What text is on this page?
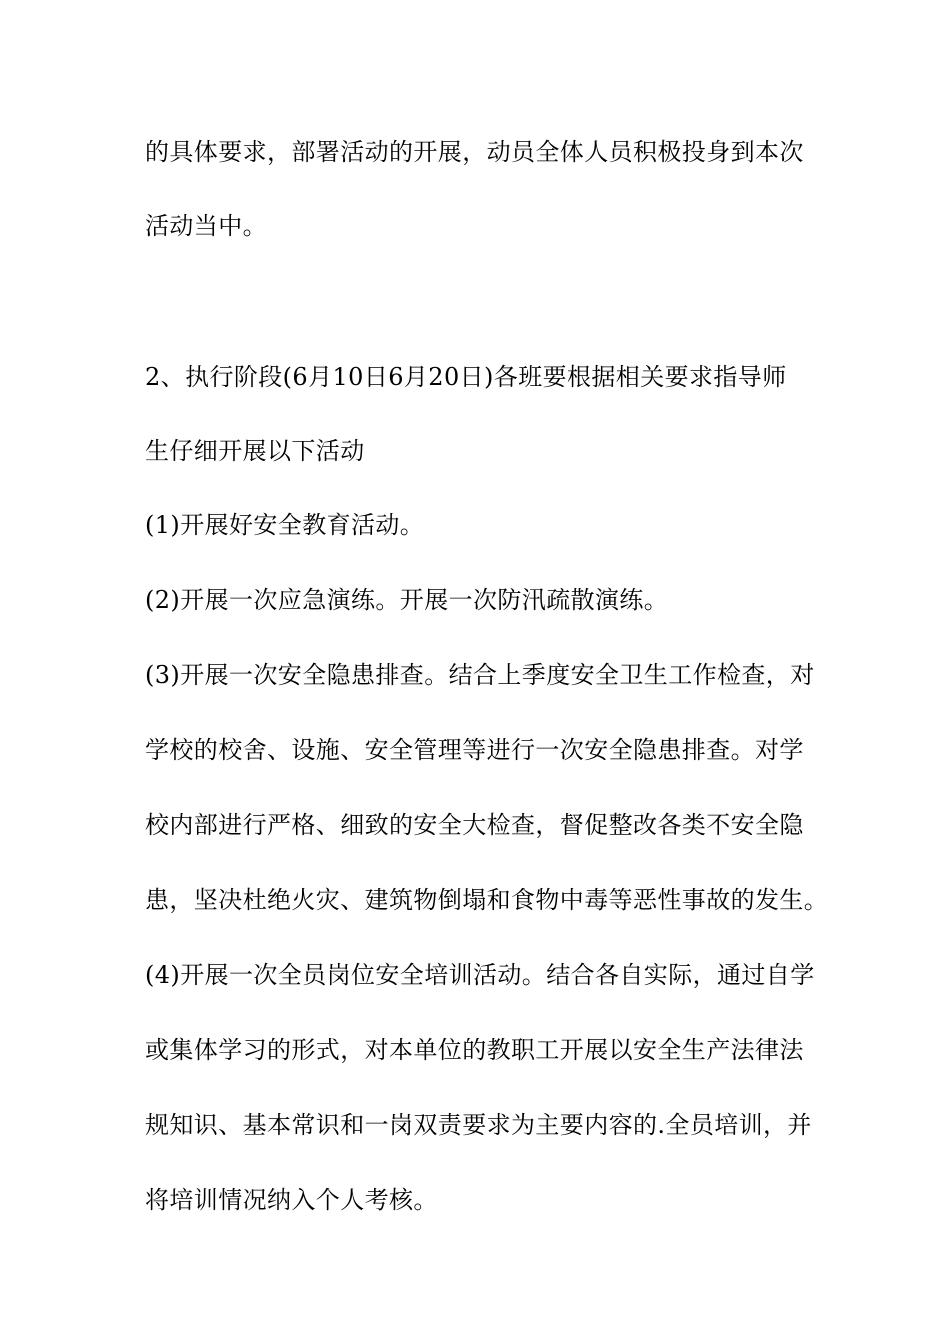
的具体要求，部署活动的开展，动员全体人员积极投身到本次
活动当中。
2、执行阶段(6月10日6月20日)各班要根据相关要求指导师
生仔细开展以下活动
(1)开展好安全教育活动。
(2)开展一次应急演练。开展一次防汛疏散演练。
(3)开展一次安全隐患排查。结合上季度安全卫生工作检查，对
学校的校舍、设施、安全管理等进行一次安全隐患排查。对学
校内部进行严格、细致的安全大检查，督促整改各类不安全隐
患，坚决杜绝火灾、建筑物倒塌和食物中毒等恶性事故的发生。
(4)开展一次全员岗位安全培训活动。结合各自实际，通过自学
或集体学习的形式，对本单位的教职工开展以安全生产法律法
规知识、基本常识和一岗双责要求为主要内容的.全员培训，并
将培训情况纳入个人考核。
